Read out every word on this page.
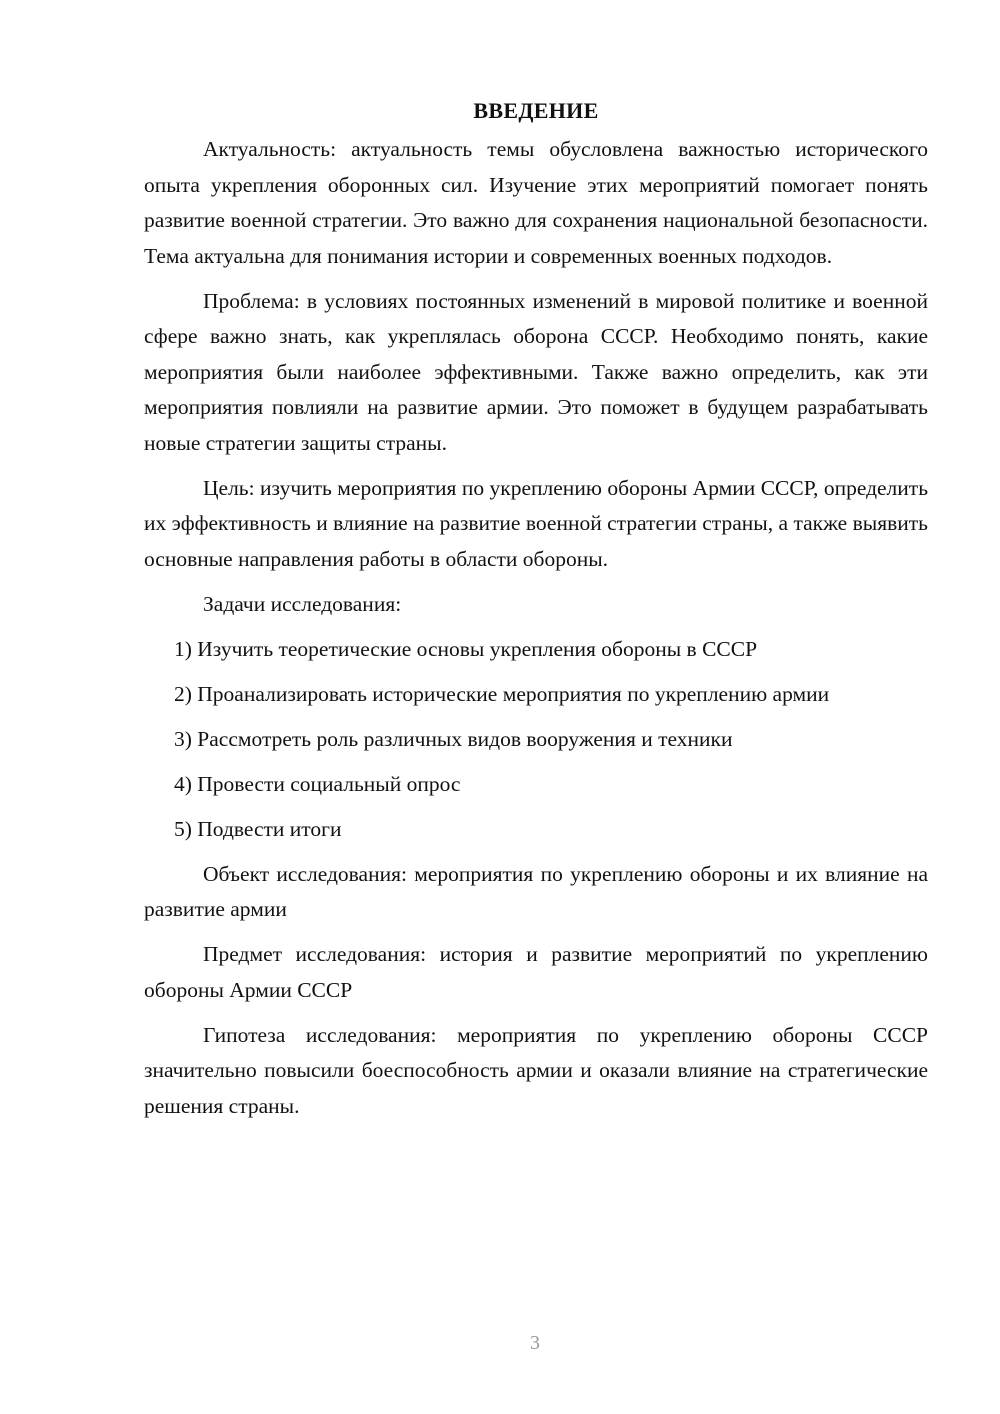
ВВЕДЕНИЕ

Актуальность: актуальность темы обусловлена важностью исторического опыта укрепления оборонных сил. Изучение этих мероприятий помогает понять развитие военной стратегии. Это важно для сохранения национальной безопасности. Тема актуальна для понимания истории и современных военных подходов.

Проблема: в условиях постоянных изменений в мировой политике и военной сфере важно знать, как укреплялась оборона СССР. Необходимо понять, какие мероприятия были наиболее эффективными. Также важно определить, как эти мероприятия повлияли на развитие армии. Это поможет в будущем разрабатывать новые стратегии защиты страны.

Цель: изучить мероприятия по укреплению обороны Армии СССР, определить их эффективность и влияние на развитие военной стратегии страны, а также выявить основные направления работы в области обороны.

Задачи исследования:

1) Изучить теоретические основы укрепления обороны в СССР

2) Проанализировать исторические мероприятия по укреплению армии

3) Рассмотреть роль различных видов вооружения и техники

4) Провести социальный опрос

5) Подвести итоги

Объект исследования: мероприятия по укреплению обороны и их влияние на развитие армии

Предмет исследования: история и развитие мероприятий по укреплению обороны Армии СССР

Гипотеза исследования: мероприятия по укреплению обороны СССР значительно повысили боеспособность армии и оказали влияние на стратегические решения страны.

3
